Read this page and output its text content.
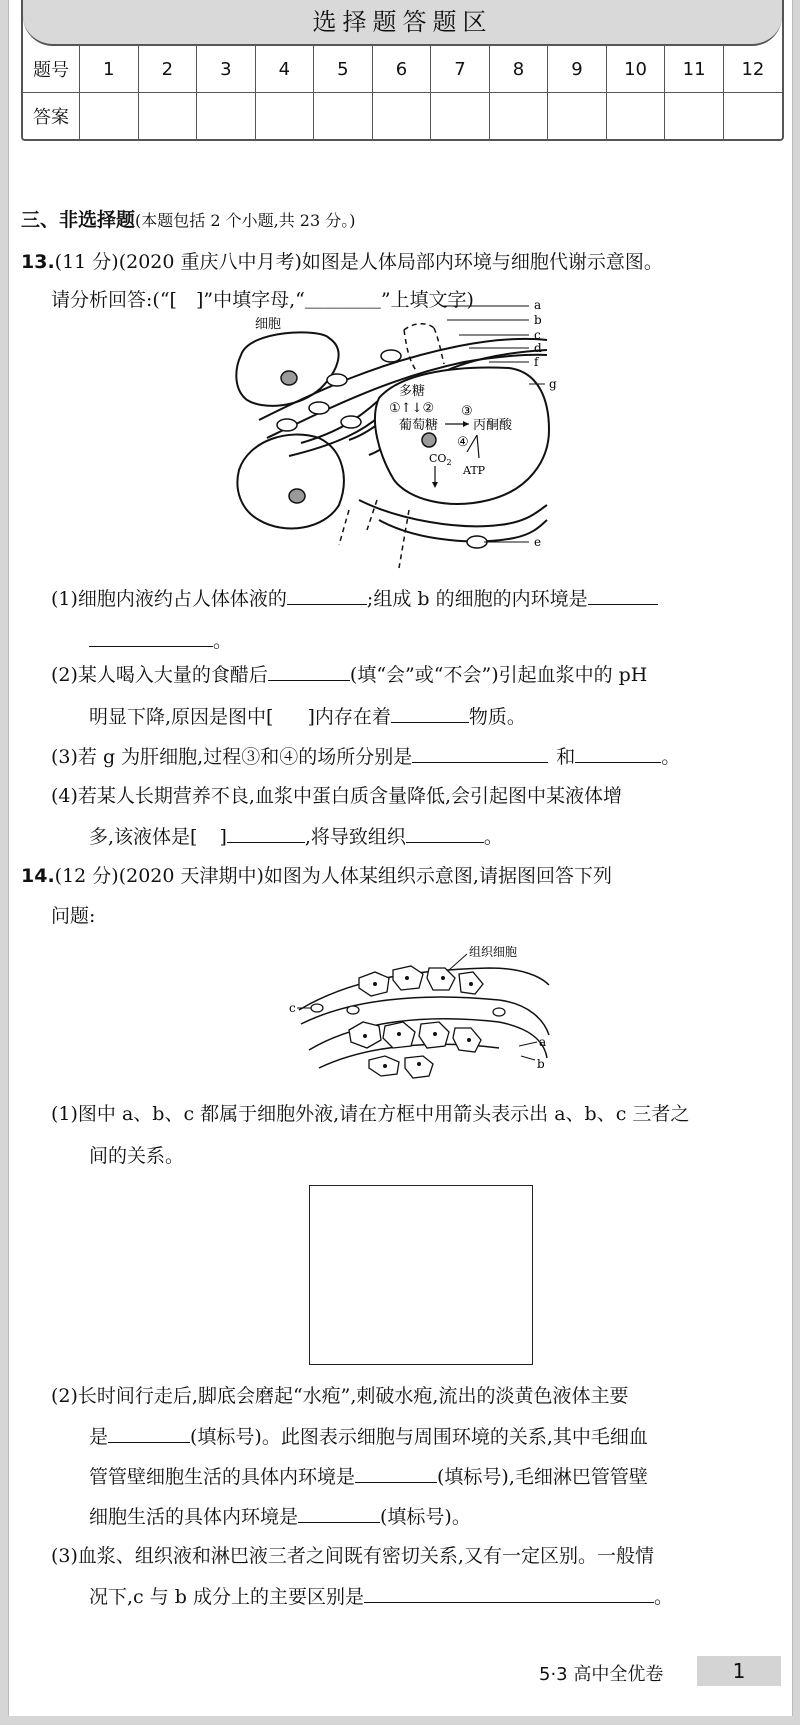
选择题答题区
题号	1	2	3	4	5	6	7	8	9	10	11	12
答案												
三、非选择题(本题包括 2 个小题,共 23 分。)
13.(11 分)(2020 重庆八中月考)如图是人体局部内环境与细胞代谢示意图。
请分析回答:(“[　]”中填字母,“＿＿＿＿”上填文字)
多糖
①↑↓②
葡萄糖
③
丙酮酸
④
$CO_2$
ATP
细胞
a
b
c
d
f
g
e
(1)细胞内液约占人体体液的	;组成 b 的细胞的内环境是
。
(2)某人喝入大量的食醋后	(填“会”或“不会”)引起血浆中的 pH
明显下降,原因是图中[ ]内存在着	物质。
(3)若 g 为肝细胞,过程③和④的场所分别是	和	。
(4)若某人长期营养不良,血浆中蛋白质含量降低,会引起图中某液体增
多,该液体是[ ]	,将导致组织	。
14.(12 分)(2020 天津期中)如图为人体某组织示意图,请据图回答下列
问题:
组织细胞
c
a
b
(1)图中 a、b、c 都属于细胞外液,请在方框中用箭头表示出 a、b、c 三者之
间的关系。
(2)长时间行走后,脚底会磨起“水疱”,刺破水疱,流出的淡黄色液体主要
是	(填标号)。此图表示细胞与周围环境的关系,其中毛细血
管管壁细胞生活的具体内环境是	(填标号),毛细淋巴管管壁
细胞生活的具体内环境是	(填标号)。
(3)血浆、组织液和淋巴液三者之间既有密切关系,又有一定区别。一般情
况下,c 与 b 成分上的主要区别是	。
5·3 高中全优卷	1
